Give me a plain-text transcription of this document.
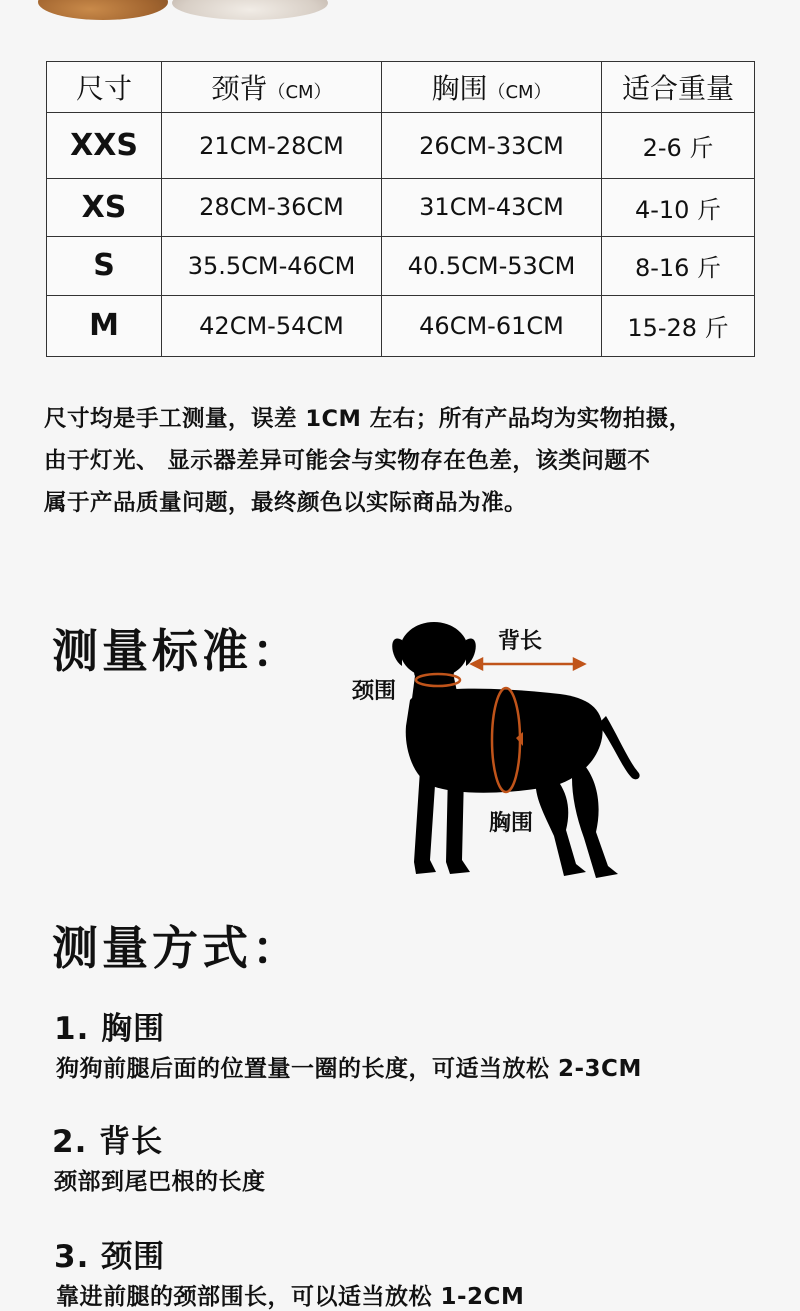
尺寸	颈背（CM）	胸围（CM）	适合重量
XXS	21CM-28CM	26CM-33CM	2-6 斤
XS	28CM-36CM	31CM-43CM	4-10 斤
S	35.5CM-46CM	40.5CM-53CM	8-16 斤
M	42CM-54CM	46CM-61CM	15-28 斤
尺寸均是手工测量，误差 1CM 左右；所有产品均为实物拍摄，
由于灯光、 显示器差异可能会与实物存在色差，该类问题不
属于产品质量问题，最终颜色以实际商品为准。
测量标准：	背长
颈围
胸围
测量方式：
1. 胸围
狗狗前腿后面的位置量一圈的长度，可适当放松 2-3CM
2. 背长
颈部到尾巴根的长度
3. 颈围
靠进前腿的颈部围长，可以适当放松 1-2CM
